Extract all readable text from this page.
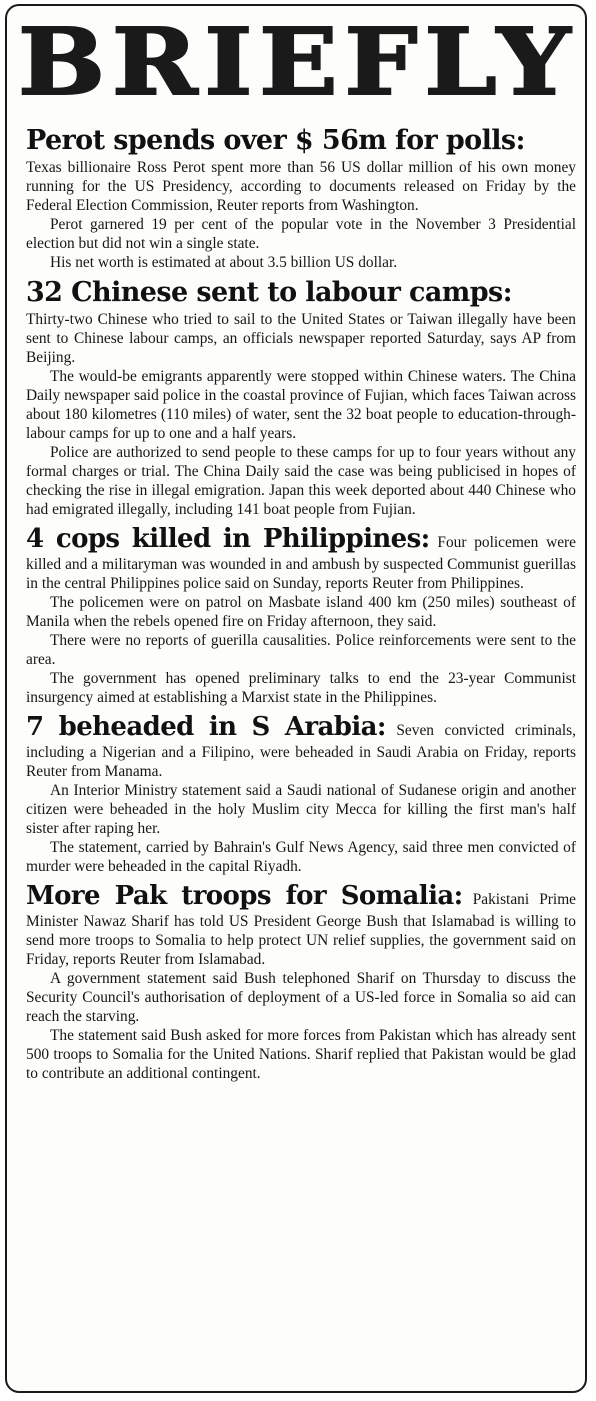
BRIEFLY
Perot spends over $ 56m for polls:

Texas billionaire Ross Perot spent more than 56 US dollar million of his own money running for the US Presidency, according to documents released on Friday by the Federal Election Commission, Reuter reports from Washington.

Perot garnered 19 per cent of the popular vote in the November 3 Presidential election but did not win a single state.

His net worth is estimated at about 3.5 billion US dollar.

32 Chinese sent to labour camps:

Thirty-two Chinese who tried to sail to the United States or Taiwan illegally have been sent to Chinese labour camps, an officials newspaper reported Saturday, says AP from Beijing.

The would-be emigrants apparently were stopped within Chinese waters. The China Daily newspaper said police in the coastal province of Fujian, which faces Taiwan across about 180 kilometres (110 miles) of water, sent the 32 boat people to education-through-labour camps for up to one and a half years.

Police are authorized to send people to these camps for up to four years without any formal charges or trial. The China Daily said the case was being publicised in hopes of checking the rise in illegal emigration. Japan this week deported about 440 Chinese who had emigrated illegally, including 141 boat people from Fujian.

4 cops killed in Philippines: Four policemen were killed and a militaryman was wounded in and ambush by suspected Communist guerillas in the central Philippines police said on Sunday, reports Reuter from Philippines.

The policemen were on patrol on Masbate island 400 km (250 miles) southeast of Manila when the rebels opened fire on Friday afternoon, they said.

There were no reports of guerilla causalities. Police reinforcements were sent to the area.

The government has opened preliminary talks to end the 23-year Communist insurgency aimed at establishing a Marxist state in the Philippines.

7 beheaded in S Arabia: Seven convicted criminals, including a Nigerian and a Filipino, were beheaded in Saudi Arabia on Friday, reports Reuter from Manama.

An Interior Ministry statement said a Saudi national of Sudanese origin and another citizen were beheaded in the holy Muslim city Mecca for killing the first man's half sister after raping her.

The statement, carried by Bahrain's Gulf News Agency, said three men convicted of murder were beheaded in the capital Riyadh.

More Pak troops for Somalia: Pakistani Prime Minister Nawaz Sharif has told US President George Bush that Islamabad is willing to send more troops to Somalia to help protect UN relief supplies, the government said on Friday, reports Reuter from Islamabad.

A government statement said Bush telephoned Sharif on Thursday to discuss the Security Council's authorisation of deployment of a US-led force in Somalia so aid can reach the starving.

The statement said Bush asked for more forces from Pakistan which has already sent 500 troops to Somalia for the United Nations. Sharif replied that Pakistan would be glad to contribute an additional contingent.
